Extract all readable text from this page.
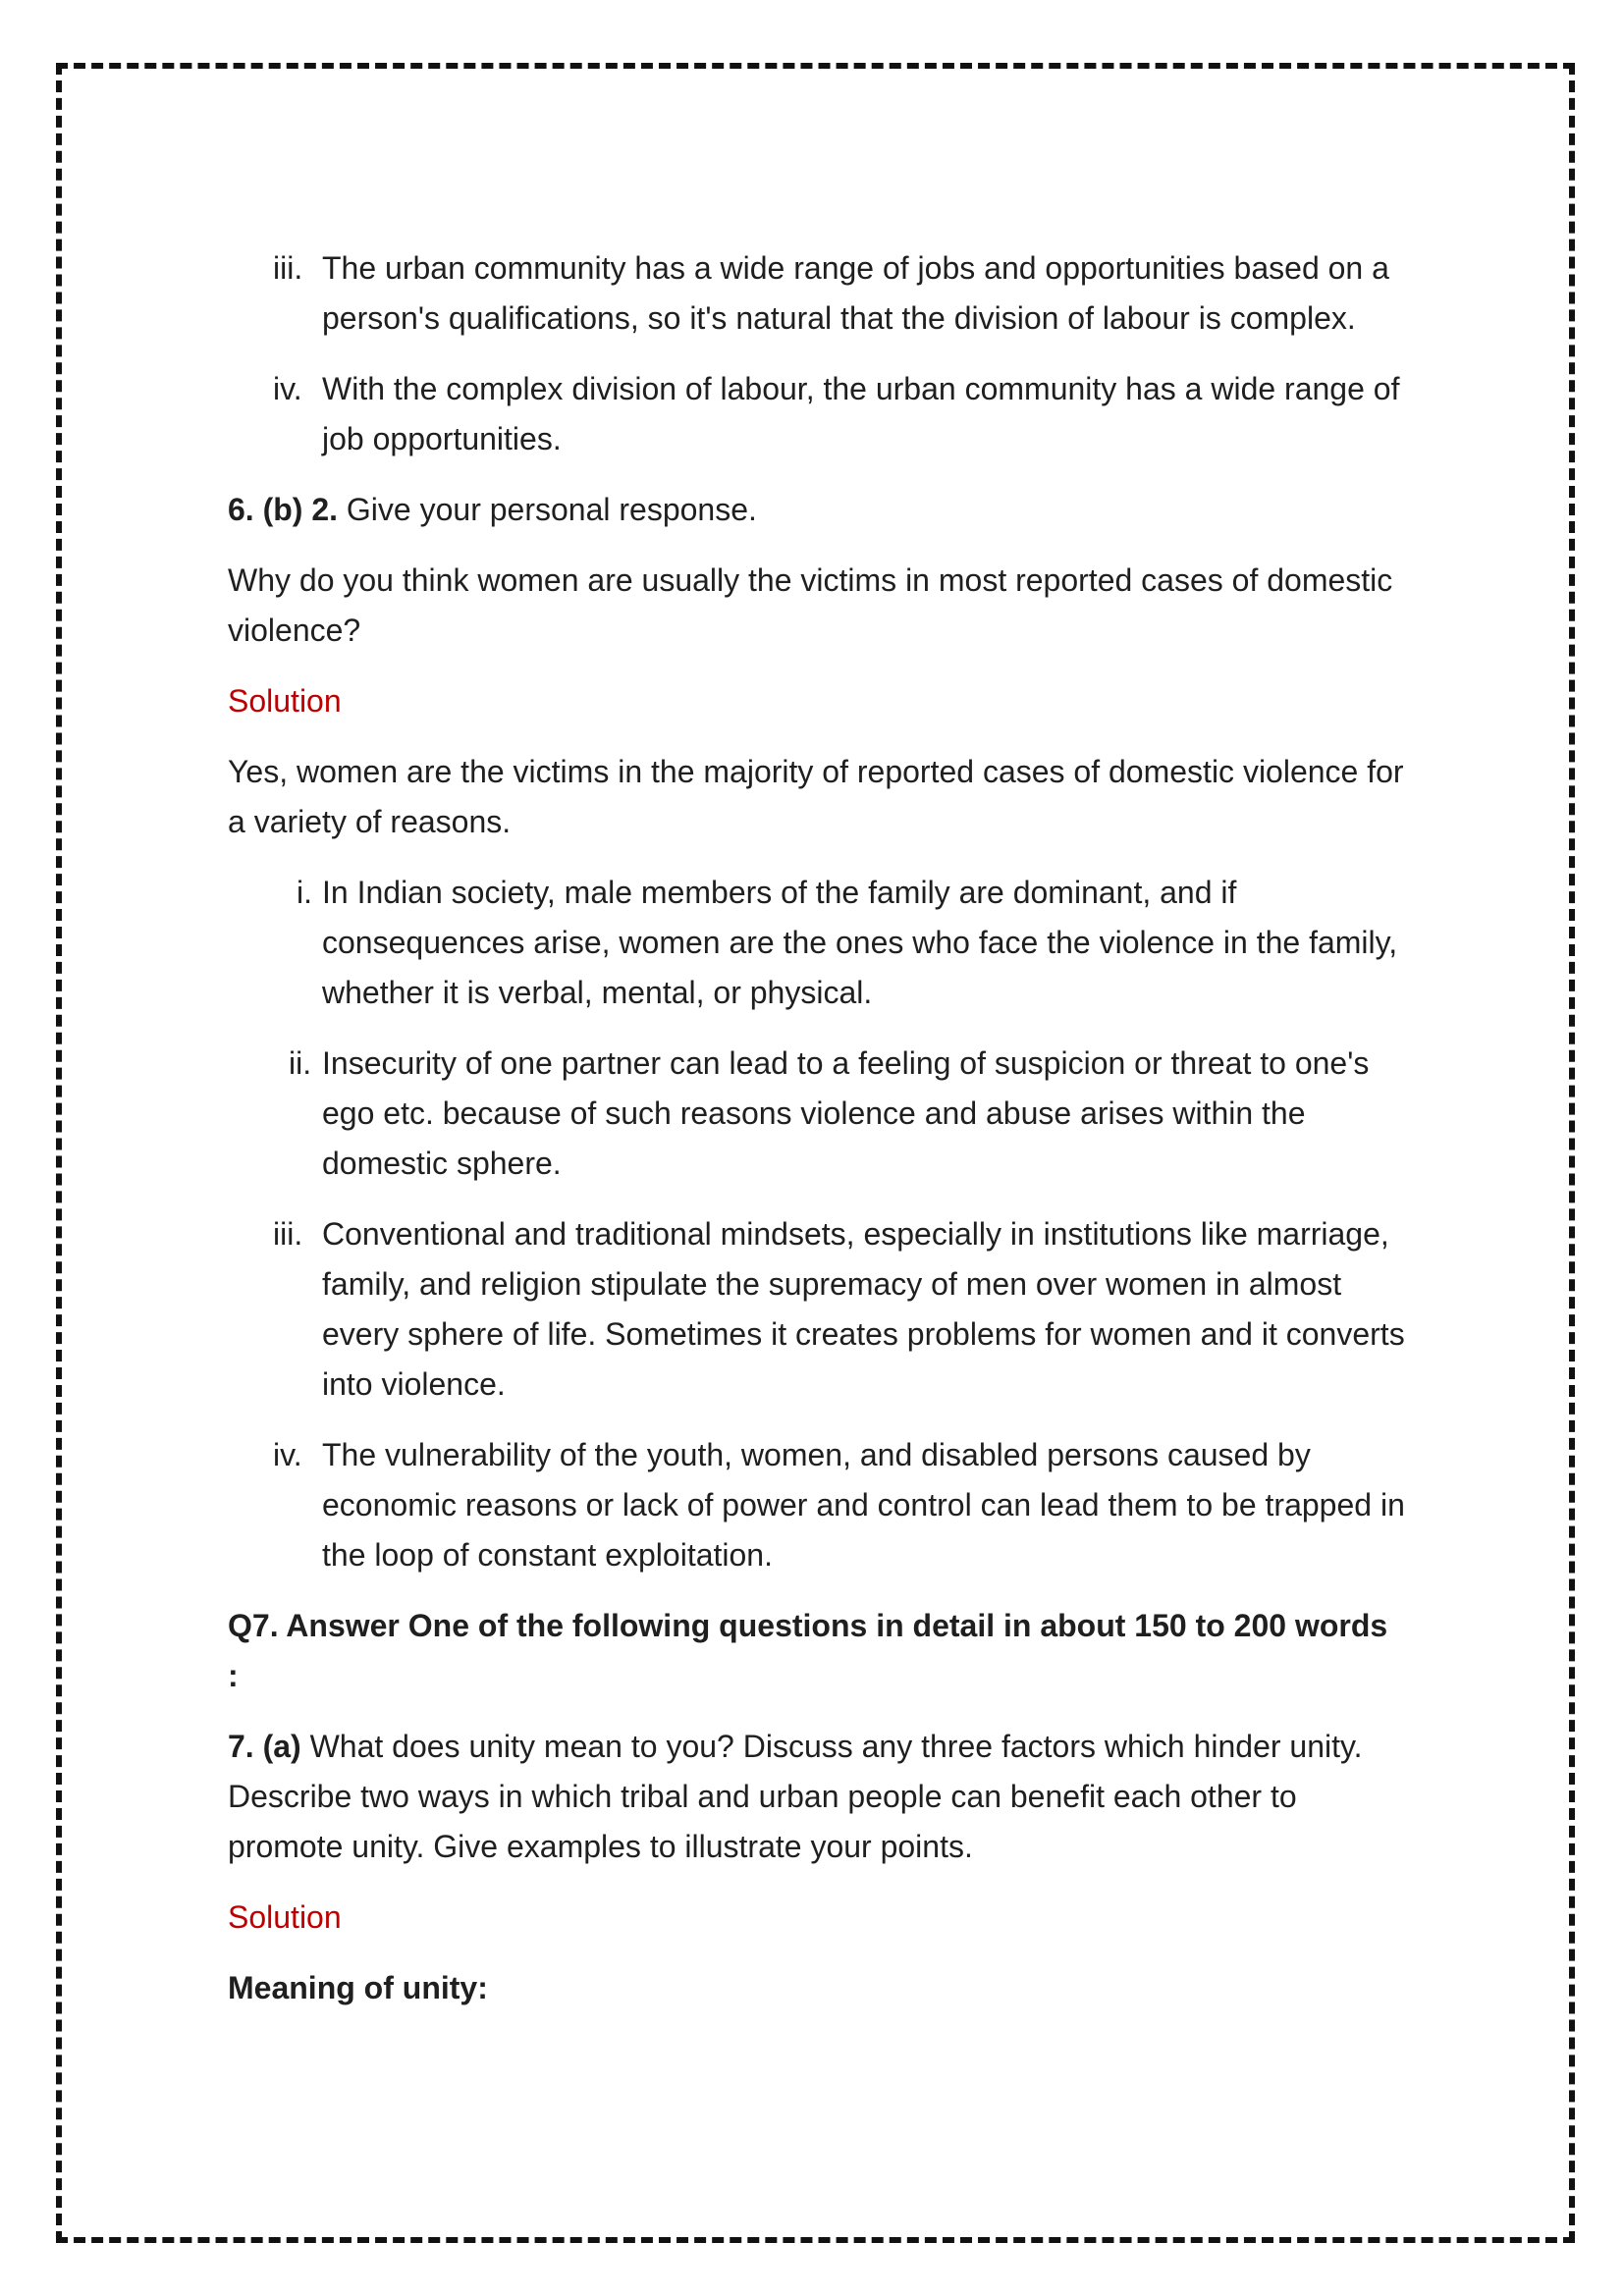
iii. The urban community has a wide range of jobs and opportunities based on a person's qualifications, so it's natural that the division of labour is complex.
iv. With the complex division of labour, the urban community has a wide range of job opportunities.

6. (b) 2. Give your personal response.

Why do you think women are usually the victims in most reported cases of domestic violence?

Solution

Yes, women are the victims in the majority of reported cases of domestic violence for a variety of reasons.

i. In Indian society, male members of the family are dominant, and if consequences arise, women are the ones who face the violence in the family, whether it is verbal, mental, or physical.
ii. Insecurity of one partner can lead to a feeling of suspicion or threat to one's ego etc. because of such reasons violence and abuse arises within the domestic sphere.
iii. Conventional and traditional mindsets, especially in institutions like marriage, family, and religion stipulate the supremacy of men over women in almost every sphere of life. Sometimes it creates problems for women and it converts into violence.
iv. The vulnerability of the youth, women, and disabled persons caused by economic reasons or lack of power and control can lead them to be trapped in the loop of constant exploitation.

Q7. Answer One of the following questions in detail in about 150 to 200 words :

7. (a) What does unity mean to you? Discuss any three factors which hinder unity. Describe two ways in which tribal and urban people can benefit each other to promote unity. Give examples to illustrate your points.

Solution

Meaning of unity:
